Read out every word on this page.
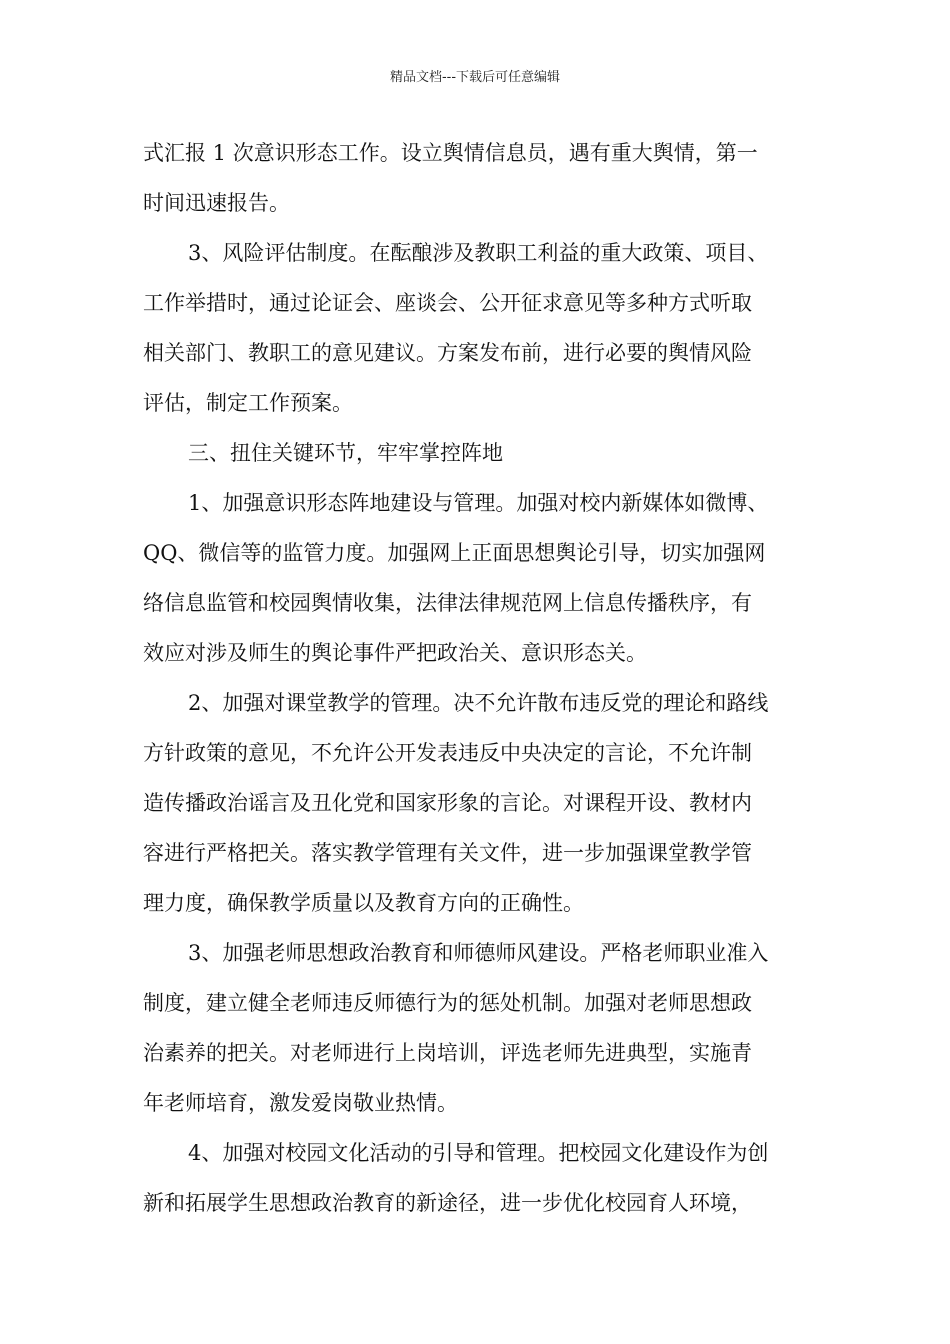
精品文档---下载后可任意编辑
式汇报 1 次意识形态工作。设立舆情信息员，遇有重大舆情，第一
时间迅速报告。
3、风险评估制度。在酝酿涉及教职工利益的重大政策、项目、
工作举措时，通过论证会、座谈会、公开征求意见等多种方式听取
相关部门、教职工的意见建议。方案发布前，进行必要的舆情风险
评估，制定工作预案。
三、扭住关键环节，牢牢掌控阵地
1、加强意识形态阵地建设与管理。加强对校内新媒体如微博、
QQ、微信等的监管力度。加强网上正面思想舆论引导，切实加强网
络信息监管和校园舆情收集，法律法律规范网上信息传播秩序，有
效应对涉及师生的舆论事件严把政治关、意识形态关。
2、加强对课堂教学的管理。决不允许散布违反党的理论和路线
方针政策的意见，不允许公开发表违反中央决定的言论，不允许制
造传播政治谣言及丑化党和国家形象的言论。对课程开设、教材内
容进行严格把关。落实教学管理有关文件，进一步加强课堂教学管
理力度，确保教学质量以及教育方向的正确性。
3、加强老师思想政治教育和师德师风建设。严格老师职业准入
制度，建立健全老师违反师德行为的惩处机制。加强对老师思想政
治素养的把关。对老师进行上岗培训，评选老师先进典型，实施青
年老师培育，激发爱岗敬业热情。
4、加强对校园文化活动的引导和管理。把校园文化建设作为创
新和拓展学生思想政治教育的新途径，进一步优化校园育人环境，
